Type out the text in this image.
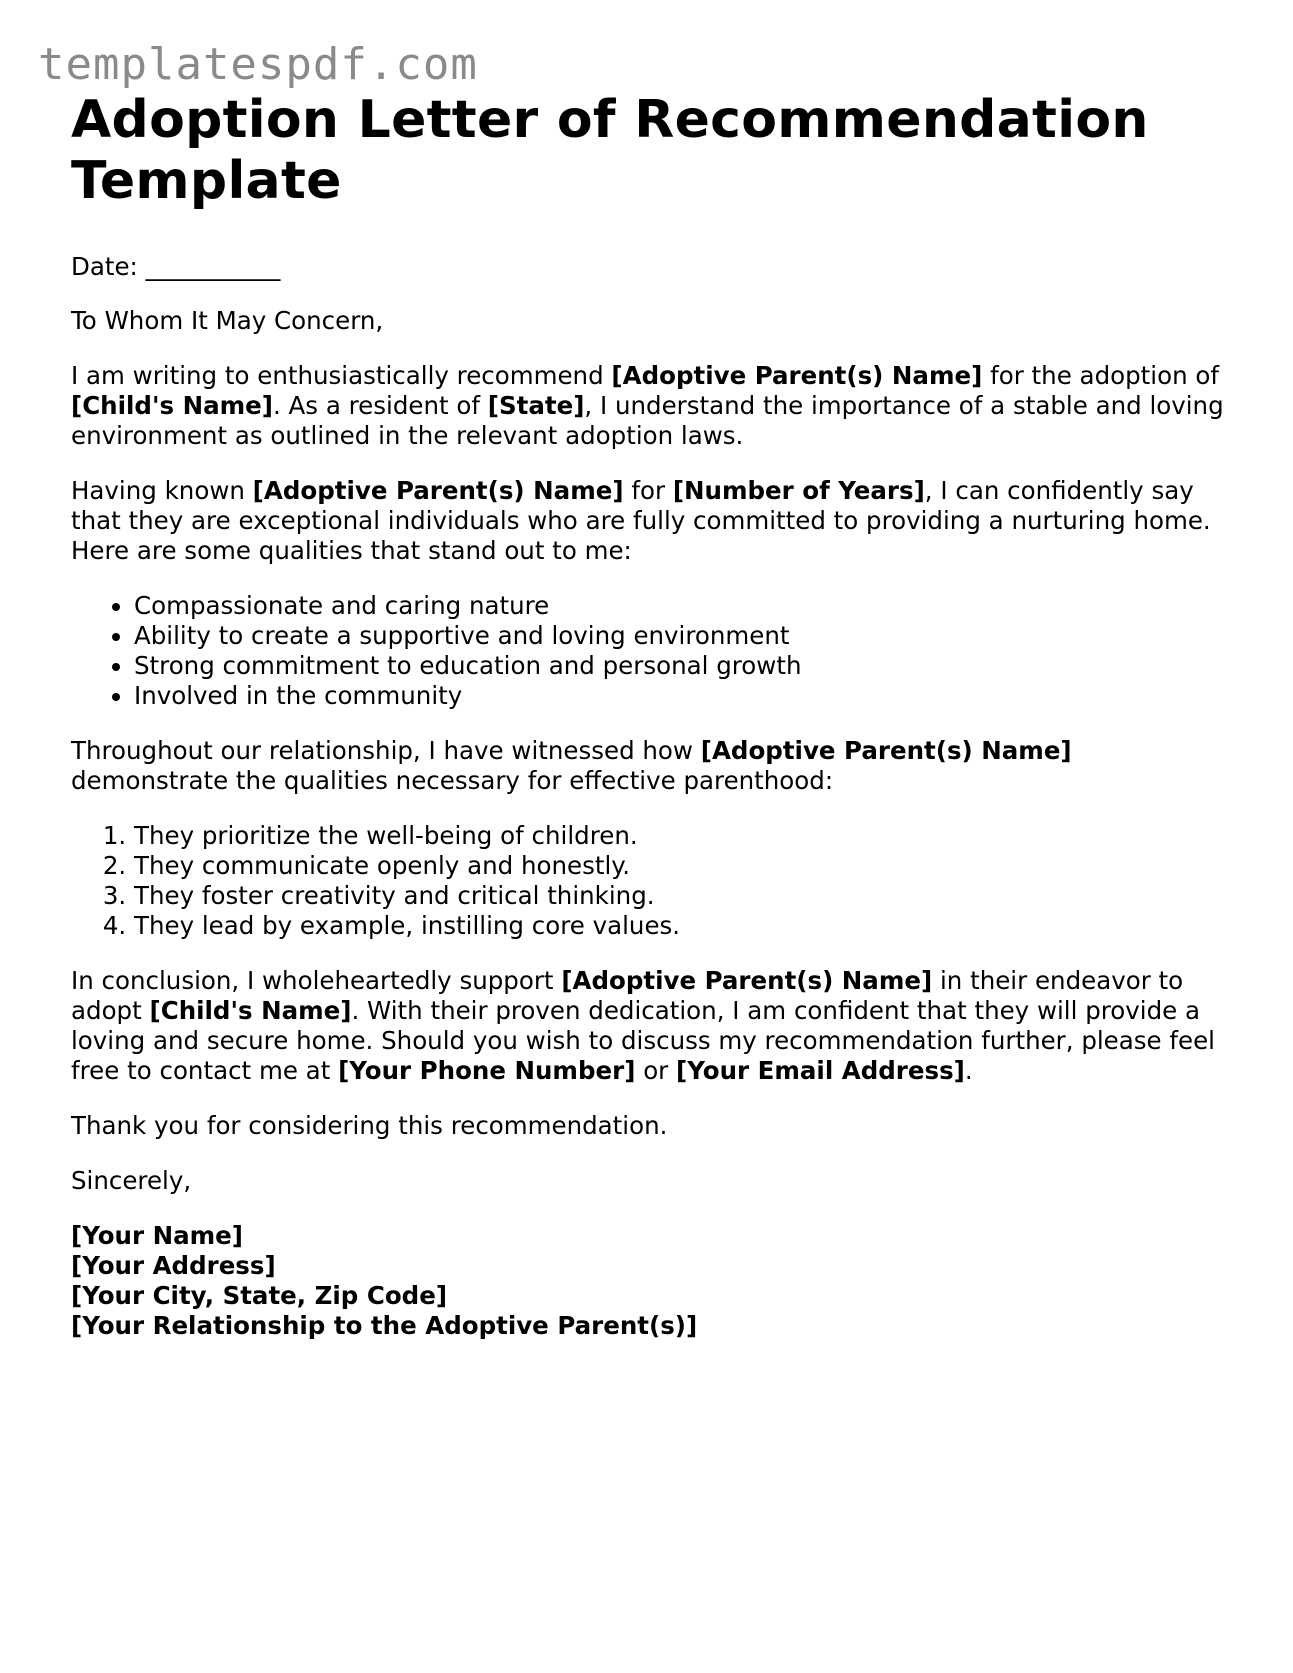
templatespdf.com
Adoption Letter of Recommendation Template

Date: ___________

To Whom It May Concern,

I am writing to enthusiastically recommend [Adoptive Parent(s) Name] for the adoption of [Child's Name]. As a resident of [State], I understand the importance of a stable and loving environment as outlined in the relevant adoption laws.

Having known [Adoptive Parent(s) Name] for [Number of Years], I can confidently say that they are exceptional individuals who are fully committed to providing a nurturing home. Here are some qualities that stand out to me:

• Compassionate and caring nature
• Ability to create a supportive and loving environment
• Strong commitment to education and personal growth
• Involved in the community

Throughout our relationship, I have witnessed how [Adoptive Parent(s) Name] demonstrate the qualities necessary for effective parenthood:

1. They prioritize the well-being of children.
2. They communicate openly and honestly.
3. They foster creativity and critical thinking.
4. They lead by example, instilling core values.

In conclusion, I wholeheartedly support [Adoptive Parent(s) Name] in their endeavor to adopt [Child's Name]. With their proven dedication, I am confident that they will provide a loving and secure home. Should you wish to discuss my recommendation further, please feel free to contact me at [Your Phone Number] or [Your Email Address].

Thank you for considering this recommendation.

Sincerely,

[Your Name]
[Your Address]
[Your City, State, Zip Code]
[Your Relationship to the Adoptive Parent(s)]
